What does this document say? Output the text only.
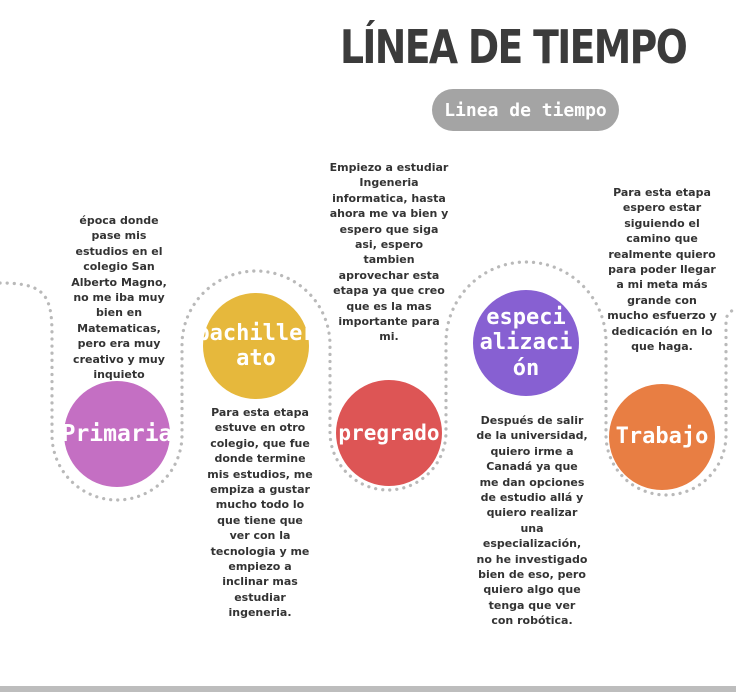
LÍNEA DE TIEMPO
Linea de tiempo
Primaria
bachiller
ato
pregrado
especi
alizaci
ón
Trabajo
época donde pase mis estudios en el colegio San Alberto Magno, no me iba muy bien en Matematicas, pero era muy creativo y muy inquieto
Para esta etapa estuve en otro colegio, que fue donde termine mis estudios, me empiza a gustar mucho todo lo que tiene que ver con la tecnologia y me empiezo a inclinar mas estudiar ingeneria.
Empiezo a estudiar Ingeneria informatica, hasta ahora me va bien y espero que siga asi, espero tambien aprovechar esta etapa ya que creo que es la mas importante para mi.
Después de salir de la universidad, quiero irme a Canadá ya que me dan opciones de estudio allá y quiero realizar una especialización, no he investigado bien de eso, pero quiero algo que tenga que ver con robótica.
Para esta etapa espero estar siguiendo el camino que realmente quiero para poder llegar a mi meta más grande con mucho esfuerzo y dedicación en lo que haga.
